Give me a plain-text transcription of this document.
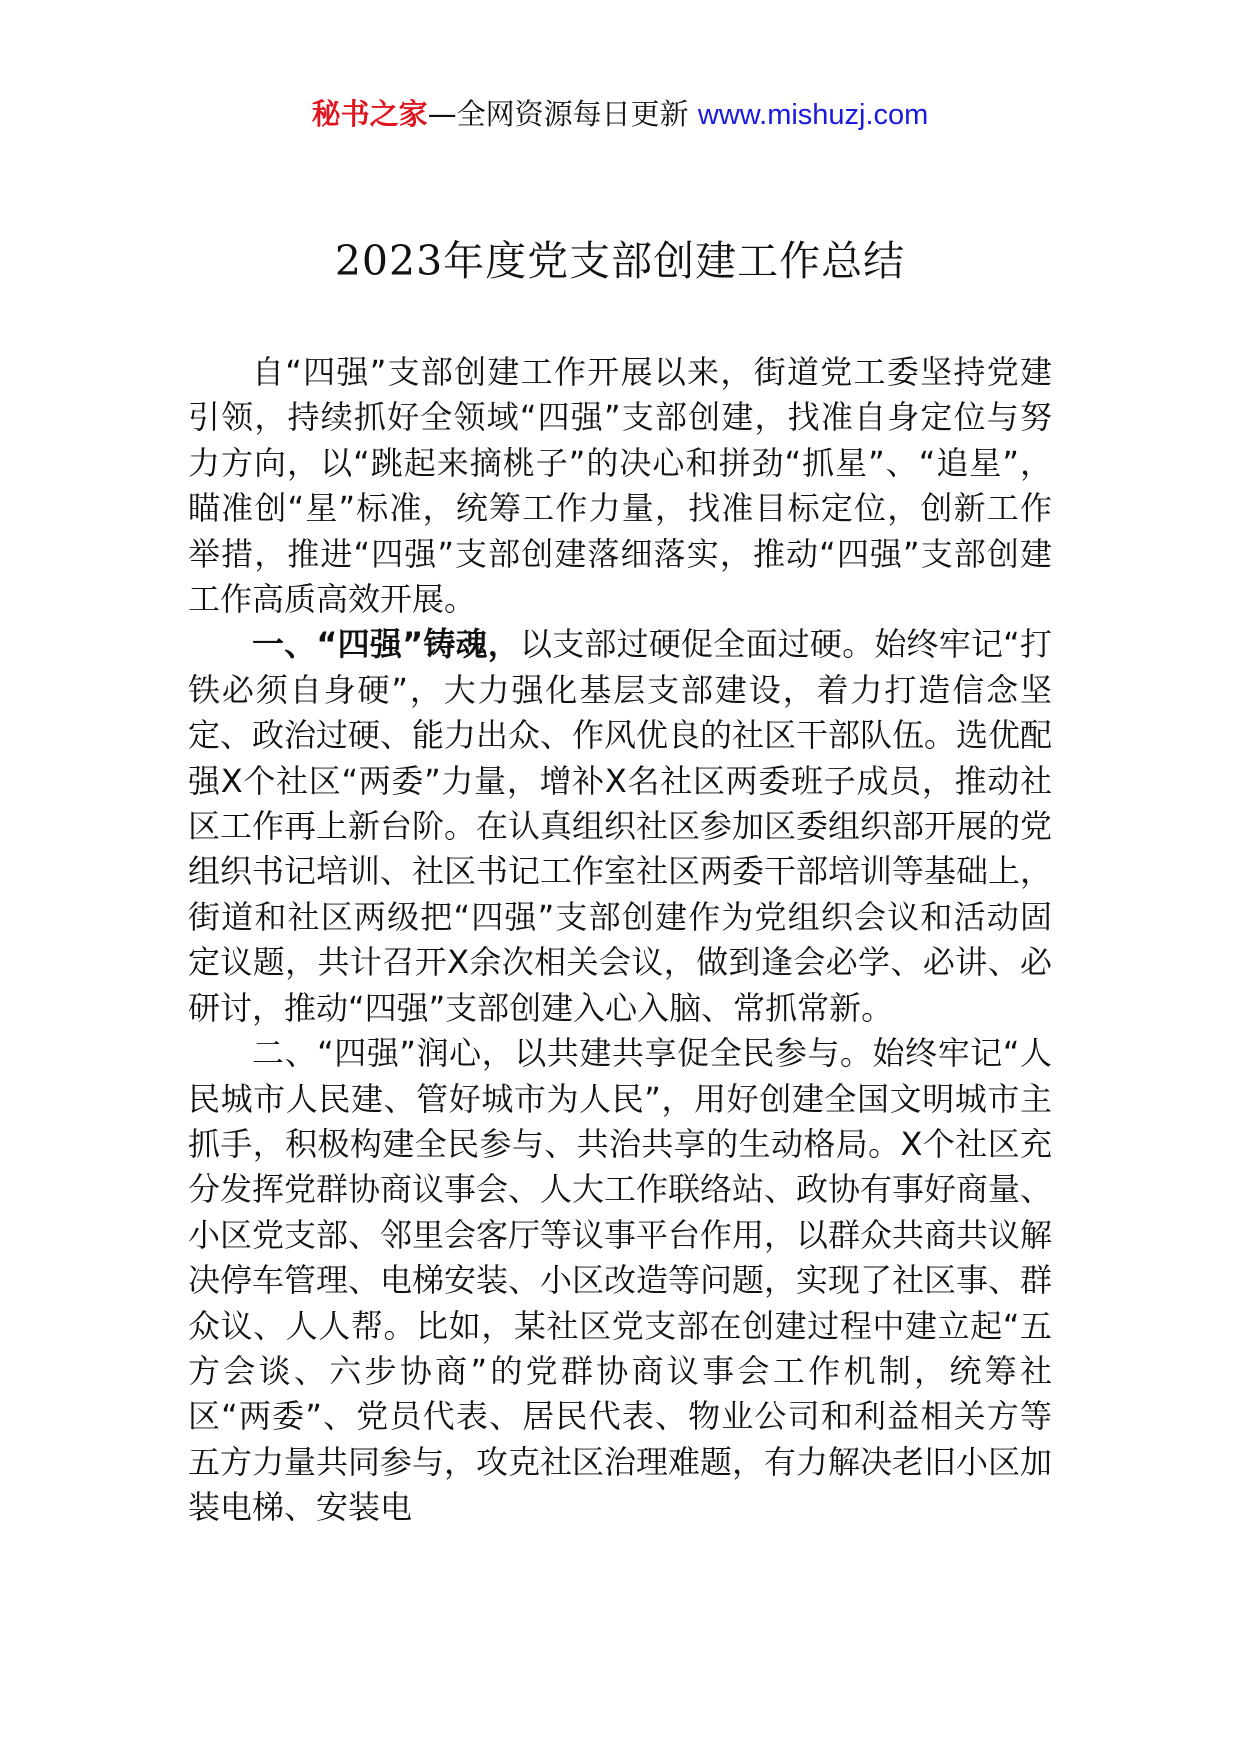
秘书之家—全网资源每日更新 www.mishuzj.com
2023年度党支部创建工作总结

自“四强”支部创建工作开展以来，街道党工委坚持党建引领，持续抓好全领域“四强”支部创建，找准自身定位与努力方向，以“跳起来摘桃子”的决心和拼劲“抓星”、“追星”，瞄准创“星”标准，统筹工作力量，找准目标定位，创新工作举措，推进“四强”支部创建落细落实，推动“四强”支部创建工作高质高效开展。

一、“四强”铸魂，以支部过硬促全面过硬。始终牢记“打铁必须自身硬”，大力强化基层支部建设，着力打造信念坚定、政治过硬、能力出众、作风优良的社区干部队伍。选优配强X个社区“两委”力量，增补X名社区两委班子成员，推动社区工作再上新台阶。在认真组织社区参加区委组织部开展的党组织书记培训、社区书记工作室社区两委干部培训等基础上，街道和社区两级把“四强”支部创建作为党组织会议和活动固定议题，共计召开X余次相关会议，做到逢会必学、必讲、必研讨，推动“四强”支部创建入心入脑、常抓常新。

二、“四强”润心，以共建共享促全民参与。始终牢记“人民城市人民建、管好城市为人民”，用好创建全国文明城市主抓手，积极构建全民参与、共治共享的生动格局。X个社区充分发挥党群协商议事会、人大工作联络站、政协有事好商量、小区党支部、邻里会客厅等议事平台作用，以群众共商共议解决停车管理、电梯安装、小区改造等问题，实现了社区事、群众议、人人帮。比如，某社区党支部在创建过程中建立起“五方会谈、六步协商”的党群协商议事会工作机制，统筹社区“两委”、党员代表、居民代表、物业公司和利益相关方等五方力量共同参与，攻克社区治理难题，有力解决老旧小区加装电梯、安装电
